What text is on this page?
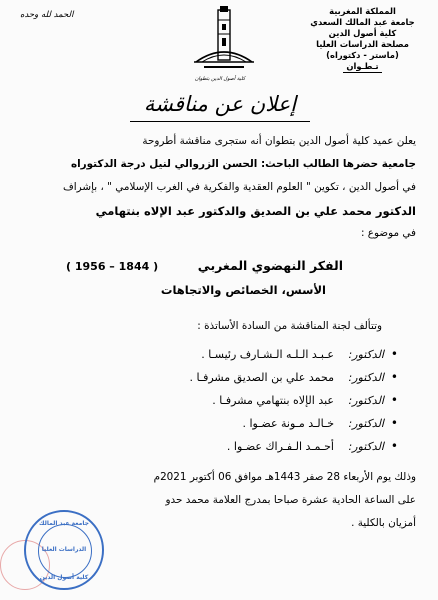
المملكة المغربية
جامعة عبد المالك السعدي
كلية أصول الدين
مصلحة الدراسات العليا
(ماستر - دكتوراه)
تـطـوان
الحمد لله وحده
كلية أصول الدين بتطوان
إعلان عن مناقشة
يعلن عميد كلية أصول الدين بتطوان أنه ستجرى مناقشة أطروحة
جامعية حضرها الطالب الباحث: الحسن الزروالي لنيل درجة الدكتوراه
في أصول الدين ، تكوين " العلوم العقدية والفكرية في الغرب الإسلامي " ، بإشراف
الدكتور محمد علي بن الصديق والدكتور عبد الإلاه بنتهامي
في موضوع :
الفكر النهضوي المغربي
( 1956 – 1844 )
الأسس، الخصائص والاتجاهات
وتتألف لجنة المناقشة من السادة الأساتذة :
•
الدكتور:
عـبـد الـلـه الـشـارف رئيسـا .
•
الدكتور:
محمد علي بن الصديق مشرفـا .
•
الدكتور:
عبد الإلاه بنتهامي مشرفـا .
•
الدكتور:
خـالـد مـونة عضـوا .
•
الدكتور:
أحـمـد الـفـراك عضـوا .
وذلك يوم الأربعاء 28 صفر 1443هـ موافق 06 أكتوبر 2021م
على الساعة الحادية عشرة صباحا بمدرج العلامة محمد حدو
أمزيان بالكلية .
جامعة عبد المالك
الدراسات العليا
كلية أصول الدين
